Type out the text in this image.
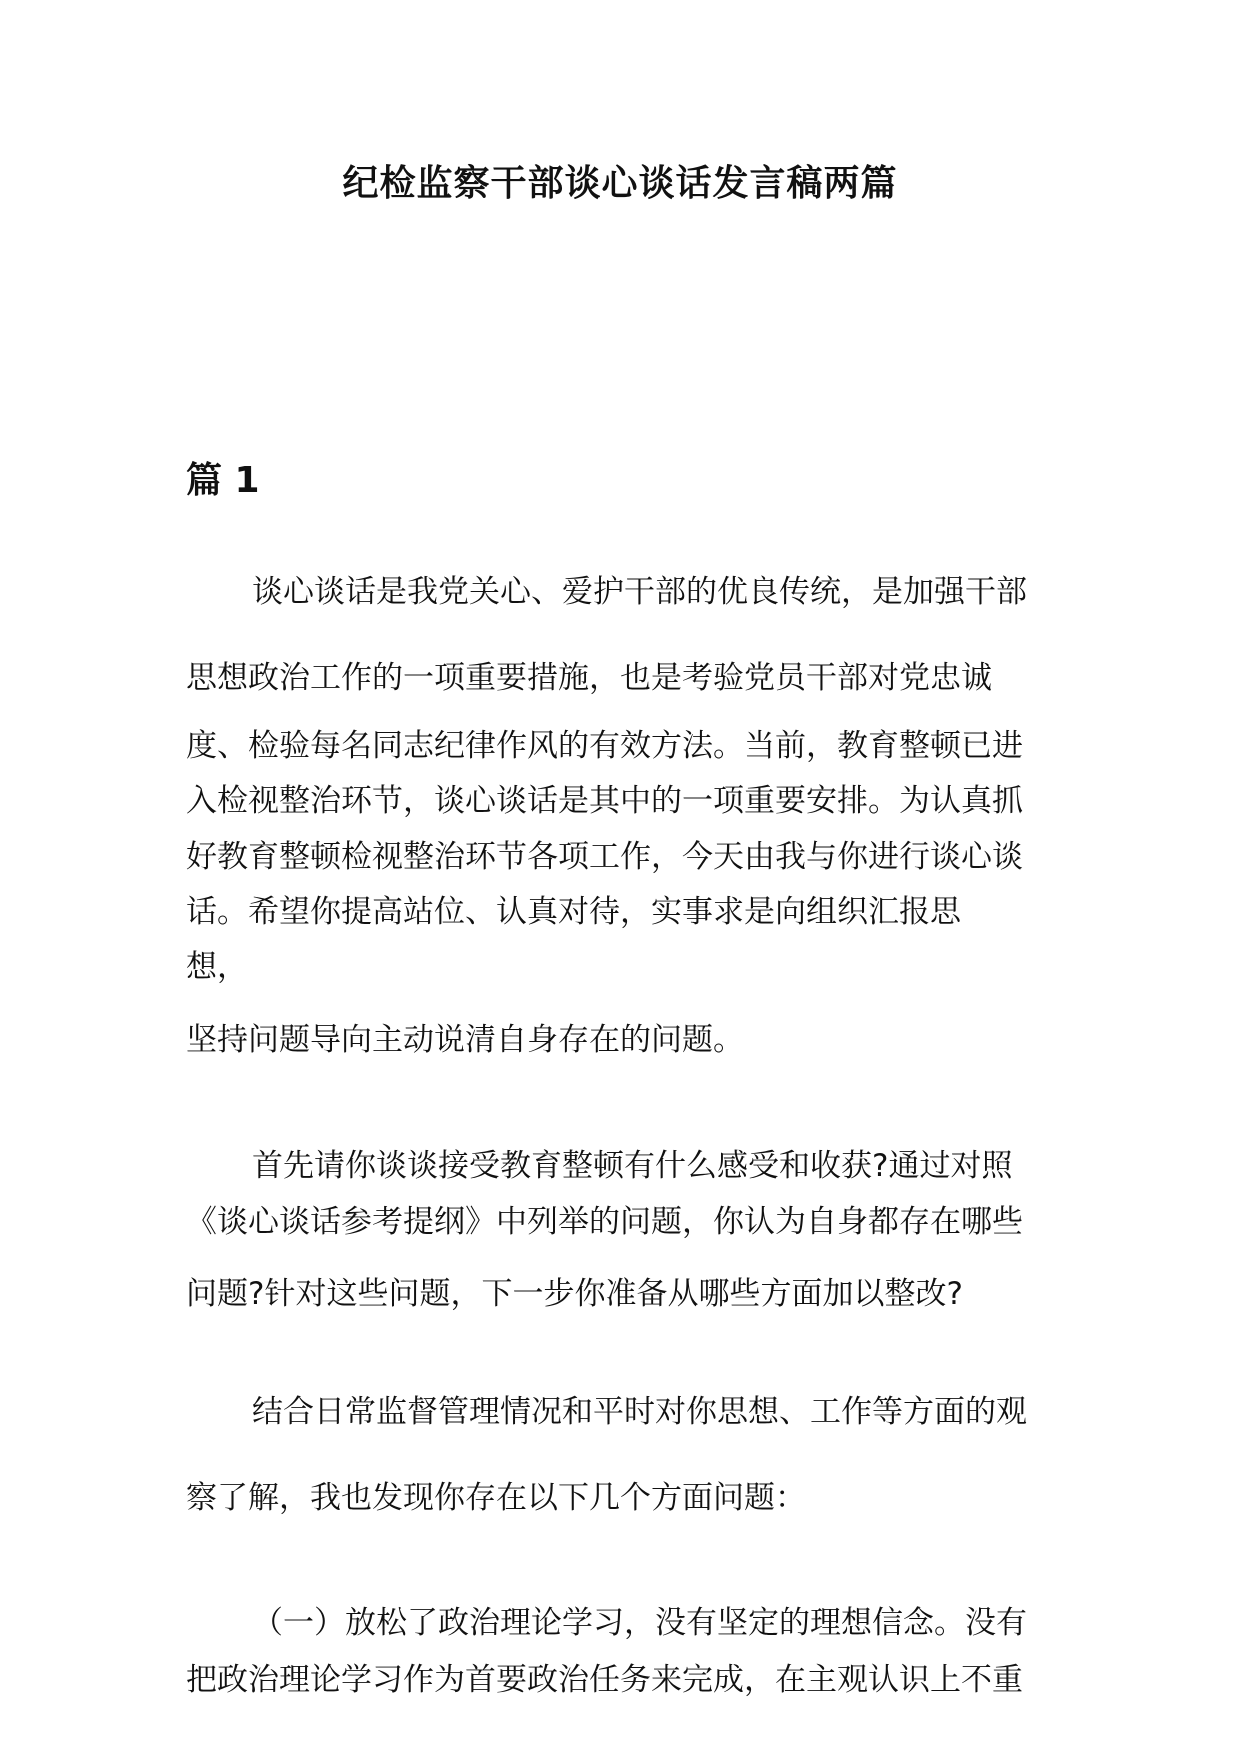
纪检监察干部谈心谈话发言稿两篇
篇 1

谈心谈话是我党关心、爱护干部的优良传统，是加强干部

思想政治工作的一项重要措施，也是考验党员干部对党忠诚

度、检验每名同志纪律作风的有效方法。当前，教育整顿已进

入检视整治环节，谈心谈话是其中的一项重要安排。为认真抓

好教育整顿检视整治环节各项工作，今天由我与你进行谈心谈

话。希望你提高站位、认真对待，实事求是向组织汇报思

想，

坚持问题导向主动说清自身存在的问题。

首先请你谈谈接受教育整顿有什么感受和收获?通过对照

《谈心谈话参考提纲》中列举的问题，你认为自身都存在哪些

问题?针对这些问题，下一步你准备从哪些方面加以整改?

结合日常监督管理情况和平时对你思想、工作等方面的观

察了解，我也发现你存在以下几个方面问题：

（一）放松了政治理论学习，没有坚定的理想信念。没有

把政治理论学习作为首要政治任务来完成，在主观认识上不重
